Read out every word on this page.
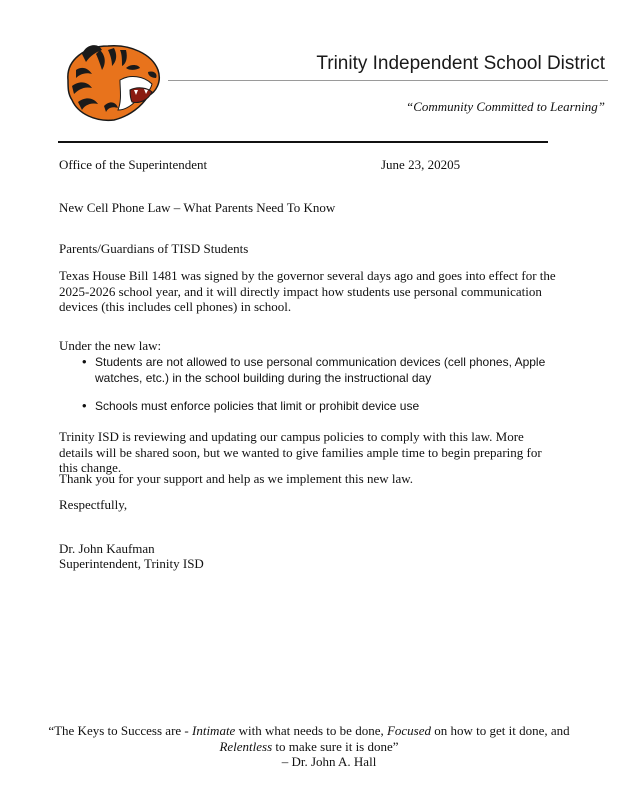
Trinity Independent School District
“Community Committed to Learning”
Office of the Superintendent	June 23, 20205
New Cell Phone Law – What Parents Need To Know
Parents/Guardians of TISD Students
Texas House Bill 1481 was signed by the governor several days ago and goes into effect for the 2025-2026 school year, and it will directly impact how students use personal communication devices (this includes cell phones) in school.
Under the new law:
• Students are not allowed to use personal communication devices (cell phones, Apple watches, etc.) in the school building during the instructional day
• Schools must enforce policies that limit or prohibit device use
Trinity ISD is reviewing and updating our campus policies to comply with this law. More details will be shared soon, but we wanted to give families ample time to begin preparing for this change.
Thank you for your support and help as we implement this new law.
Respectfully,
Dr. John Kaufman
Superintendent, Trinity ISD
“The Keys to Success are - Intimate with what needs to be done, Focused on how to get it done, and
Relentless to make sure it is done”
– Dr. John A. Hall
